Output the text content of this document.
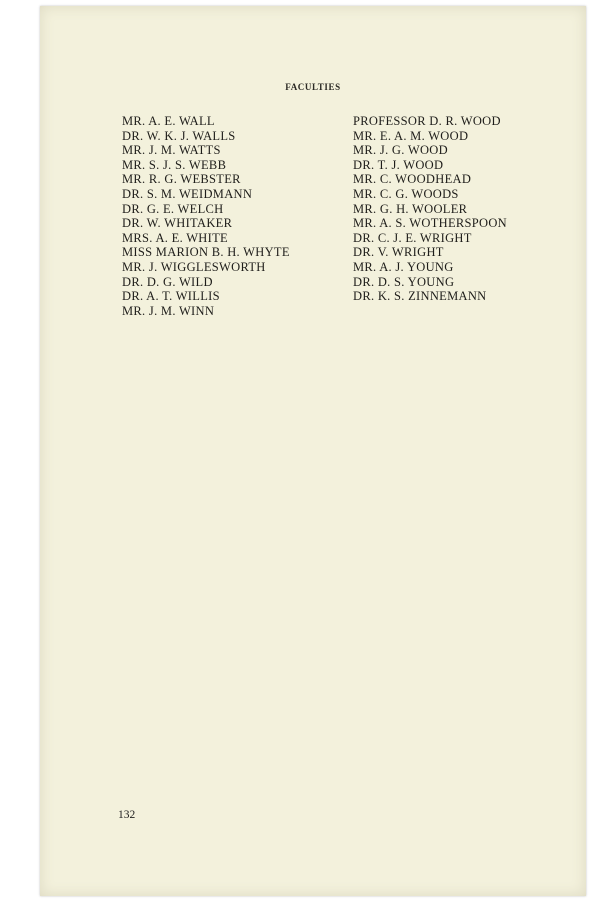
FACULTIES
MR. A. E. WALL
DR. W. K. J. WALLS
MR. J. M. WATTS
MR. S. J. S. WEBB
MR. R. G. WEBSTER
DR. S. M. WEIDMANN
DR. G. E. WELCH
DR. W. WHITAKER
MRS. A. E. WHITE
MISS MARION B. H. WHYTE
MR. J. WIGGLESWORTH
DR. D. G. WILD
DR. A. T. WILLIS
MR. J. M. WINN
PROFESSOR D. R. WOOD
MR. E. A. M. WOOD
MR. J. G. WOOD
DR. T. J. WOOD
MR. C. WOODHEAD
MR. C. G. WOODS
MR. G. H. WOOLER
MR. A. S. WOTHERSPOON
DR. C. J. E. WRIGHT
DR. V. WRIGHT
MR. A. J. YOUNG
DR. D. S. YOUNG
DR. K. S. ZINNEMANN
132
